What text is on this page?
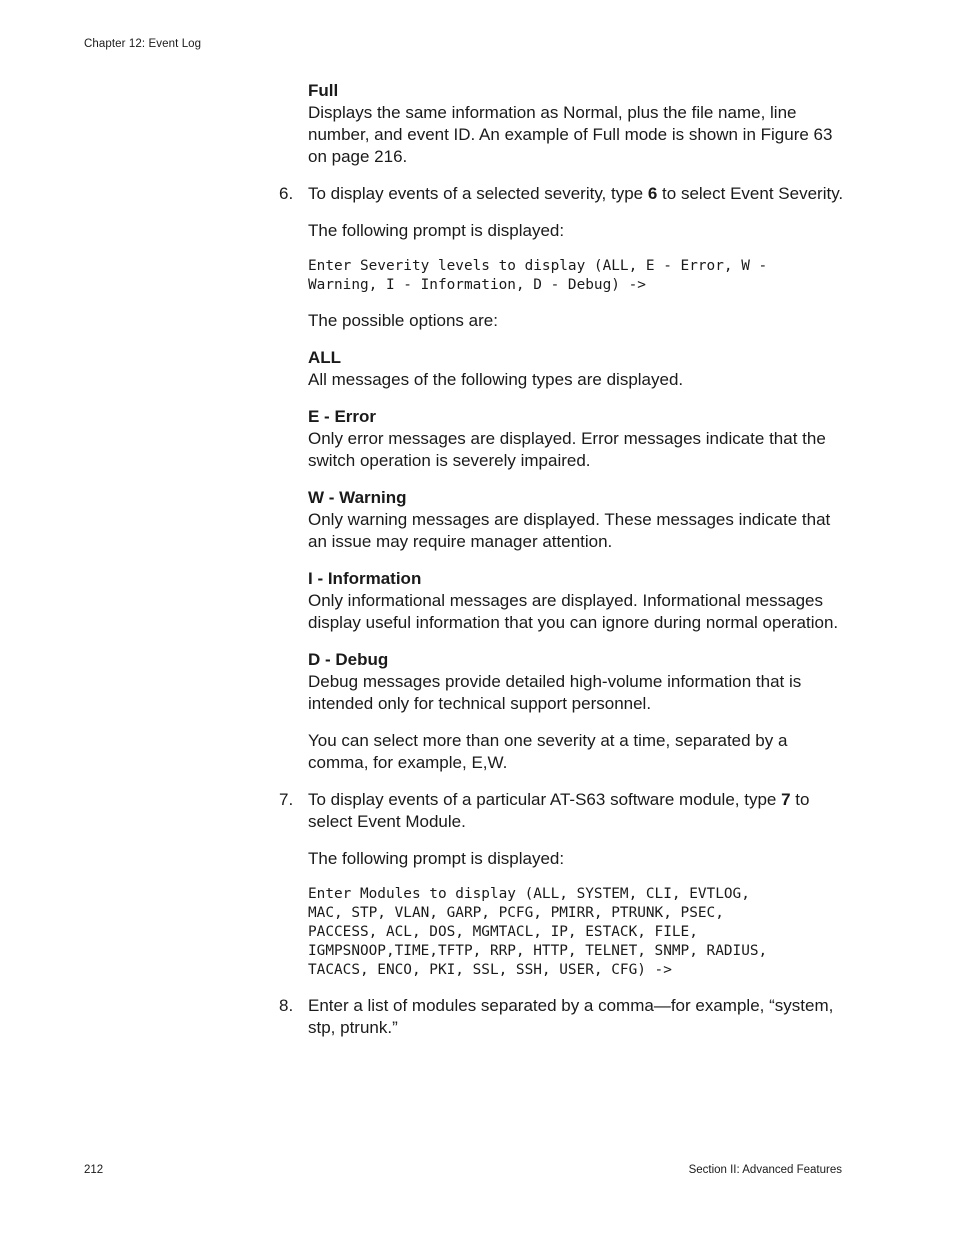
Chapter 12: Event Log
Full
Displays the same information as Normal, plus the file name, line number, and event ID. An example of Full mode is shown in Figure 63 on page 216.
6. To display events of a selected severity, type 6 to select Event Severity.
The following prompt is displayed:
Enter Severity levels to display (ALL, E - Error, W -
Warning, I - Information, D - Debug) ->
The possible options are:
ALL
All messages of the following types are displayed.
E - Error
Only error messages are displayed. Error messages indicate that the switch operation is severely impaired.
W - Warning
Only warning messages are displayed. These messages indicate that an issue may require manager attention.
I - Information
Only informational messages are displayed. Informational messages display useful information that you can ignore during normal operation.
D - Debug
Debug messages provide detailed high-volume information that is intended only for technical support personnel.
You can select more than one severity at a time, separated by a comma, for example, E,W.
7. To display events of a particular AT-S63 software module, type 7 to select Event Module.
The following prompt is displayed:
Enter Modules to display (ALL, SYSTEM, CLI, EVTLOG,
MAC, STP, VLAN, GARP, PCFG, PMIRR, PTRUNK, PSEC,
PACCESS, ACL, DOS, MGMTACL, IP, ESTACK, FILE,
IGMPSNOOP,TIME,TFTP, RRP, HTTP, TELNET, SNMP, RADIUS,
TACACS, ENCO, PKI, SSL, SSH, USER, CFG) ->
8. Enter a list of modules separated by a comma—for example, “system, stp, ptrunk.”
212	Section II: Advanced Features
